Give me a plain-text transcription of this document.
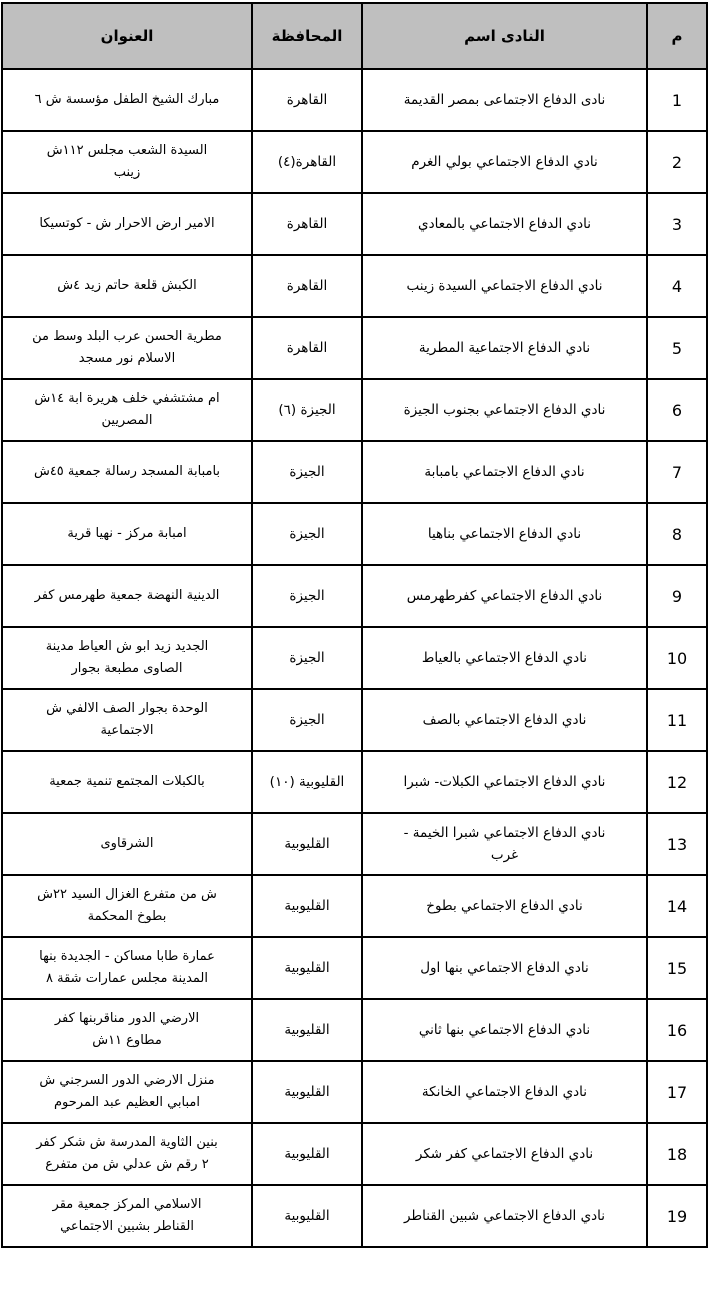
م	اسم ‎النادى	المحافظة	العنوان

1	نادى الدفاع الاجتماعى بمصر القديمة	القاهرة	٦ ‎ش ‎مؤسسة ‎الطفل ‎الشيخ ‎مبارك

2	نادي الدفاع الاجتماعي بولي الغرم	القاهرة(٤)	١١٢ش ‎مجلس ‎الشعب ‎السيدة
زينب

3	نادي الدفاع الاجتماعي بالمعادي	القاهرة	كوتسيكا ‎- ‎ش ‎الاحرار ‎ارض ‎الامير

4	نادي الدفاع الاجتماعي السيدة زينب	القاهرة	٤ش ‎زيد ‎حاتم ‎قلعة ‎الكبش

5	نادي الدفاع الاجتماعية المطرية	القاهرة	من ‎وسط ‎البلد ‎عرب ‎الحسن ‎مطرية
مسجد ‎نور ‎الاسلام

6	نادي الدفاع الاجتماعي بجنوب الجيزة	الجيزة (٦)	١٤ش ‎ابة ‎هريرة ‎خلف ‎مشتشفي ‎ام
المصريين

7	نادي الدفاع الاجتماعي بامبابة	الجيزة	٤٥ش ‎جمعية ‎رسالة ‎المسجد ‎بامبابة

8	نادي الدفاع الاجتماعي بناهيا	الجيزة	قرية ‎نهيا ‎- ‎مركز ‎امبابة

9	نادي الدفاع الاجتماعي كفرطهرمس	الجيزة	كفر ‎طهرمس ‎جمعية ‎النهضة ‎الدينية

10	نادي الدفاع الاجتماعي بالعياط	الجيزة	مدينة ‎العياط ‎ش ‎ابو ‎زيد ‎الجديد
بجوار ‎مطبعة ‎الصاوى

11	نادي الدفاع الاجتماعي بالصف	الجيزة	ش ‎الالفي ‎الصف ‎بجوار ‎الوحدة
الاجتماعية

12	نادي الدفاع الاجتماعي الكبلات- شبرا	القليوبية (١٠)	جمعية ‎تنمية ‎المجتمع ‎بالكبلات

13	نادي الدفاع الاجتماعي شبرا الخيمة -
غرب	القليوبية	الشرقاوى

14	نادي الدفاع الاجتماعي بطوخ	القليوبية	٢٢ش ‎السيد ‎الغزال ‎متفرع ‎من ‎ش
المحكمة ‎بطوخ

15	نادي الدفاع الاجتماعي بنها اول	القليوبية	بنها ‎الجديدة ‎- ‎مساكن ‎طابا ‎عمارة
٨ ‎شقة ‎عمارات ‎مجلس ‎المدينة

16	نادي الدفاع الاجتماعي بنها ثاني	القليوبية	كفر ‎مناقربنها ‎الدور ‎الارضي
١١ش ‎مطاوع

17	نادي الدفاع الاجتماعي الخانكة	القليوبية	ش ‎السرجني ‎الدور ‎الارضي ‎منزل
المرحوم ‎عبد ‎العظيم ‎امبابي

18	نادي الدفاع الاجتماعي كفر شكر	القليوبية	كفر ‎شكر ‎ش ‎المدرسة ‎الثاوية ‎بنين
متفرع ‎من ‎ش ‎عدلي ‎ش ‎رقم ‎٢

19	نادي الدفاع الاجتماعي شبين القناطر	القليوبية	مقر ‎جمعية ‎المركز ‎الاسلامي
الاجتماعي ‎بشبين ‎القناطر
